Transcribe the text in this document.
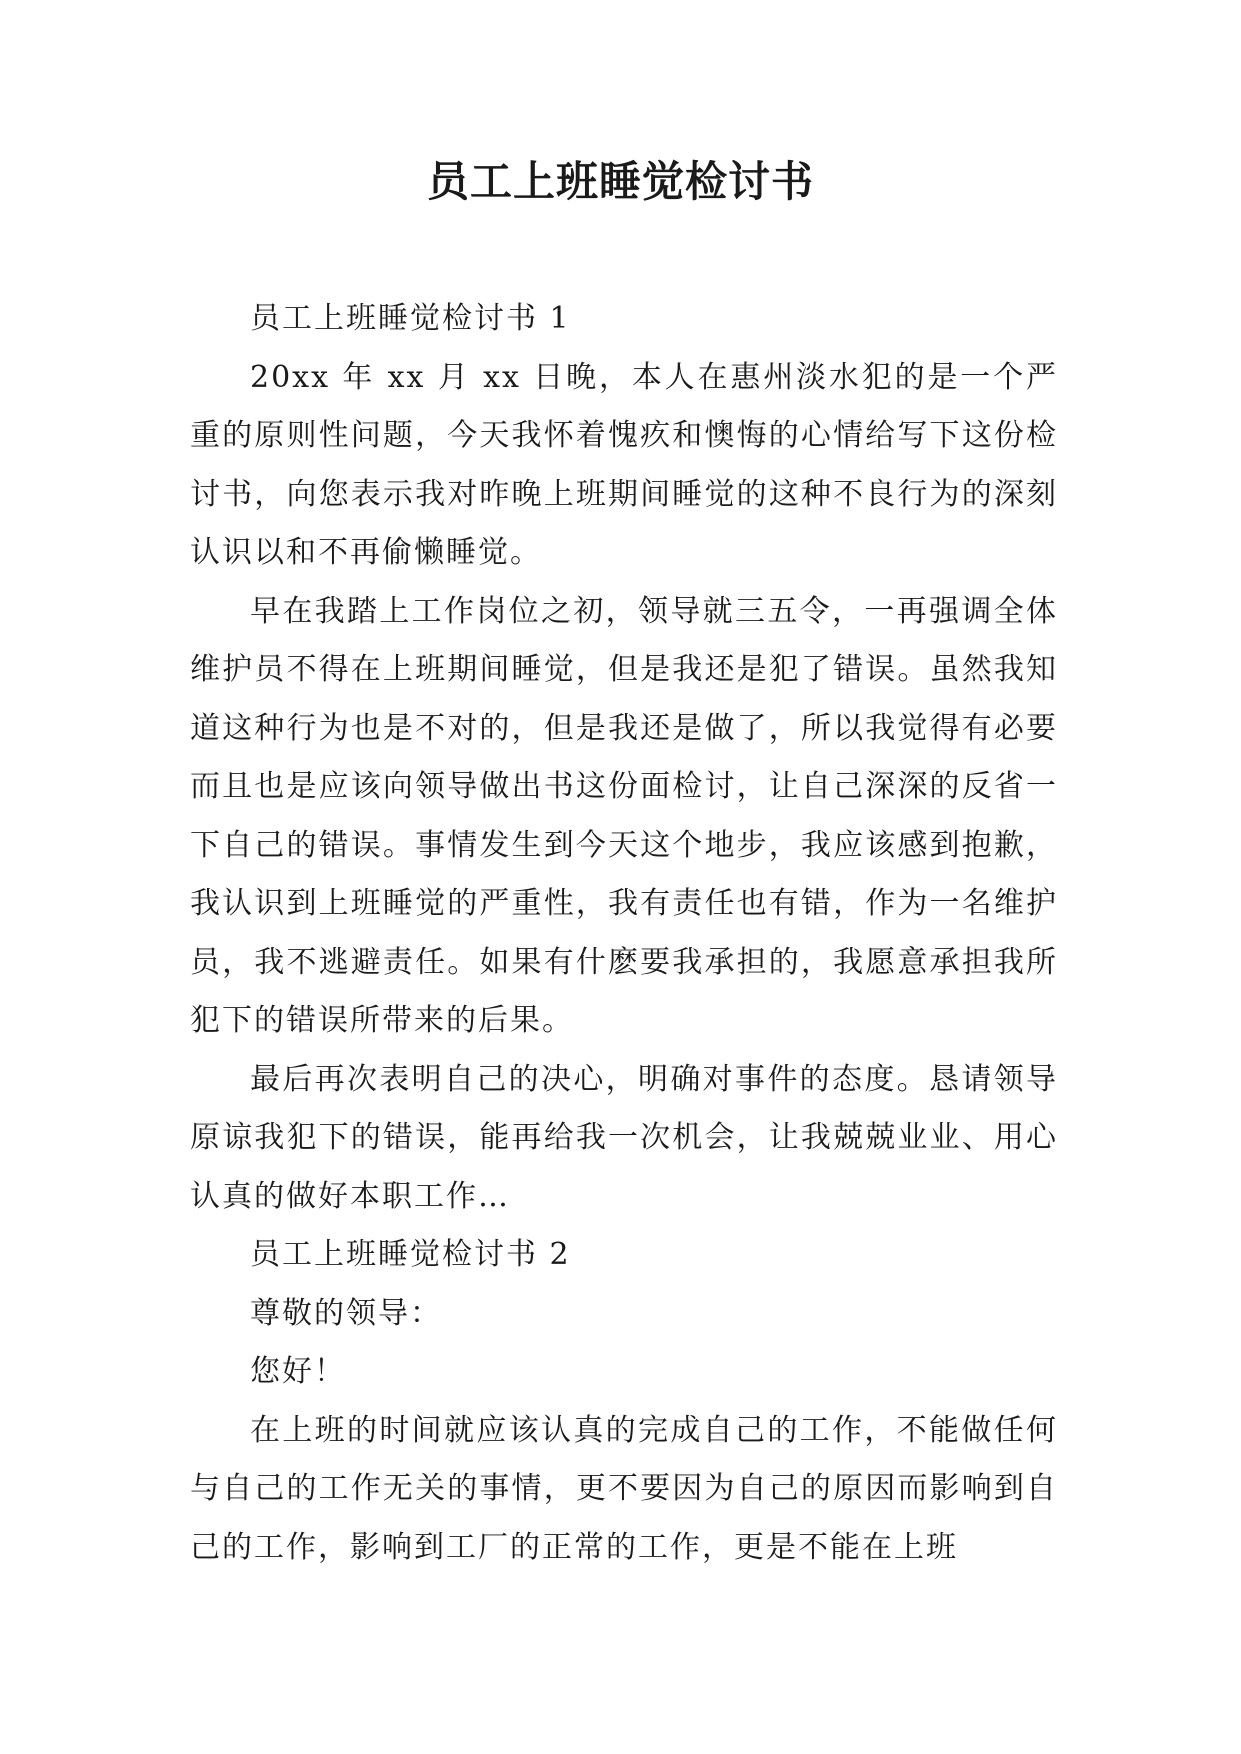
员工上班睡觉检讨书

员工上班睡觉检讨书 1

20xx 年 xx 月 xx 日晚，本人在惠州淡水犯的是一个严重的原则性问题，今天我怀着愧疚和懊悔的心情给写下这份检讨书，向您表示我对昨晚上班期间睡觉的这种不良行为的深刻认识以和不再偷懒睡觉。

早在我踏上工作岗位之初，领导就三五令，一再强调全体维护员不得在上班期间睡觉，但是我还是犯了错误。虽然我知道这种行为也是不对的，但是我还是做了，所以我觉得有必要而且也是应该向领导做出书这份面检讨，让自己深深的反省一下自己的错误。事情发生到今天这个地步，我应该感到抱歉，我认识到上班睡觉的严重性，我有责任也有错，作为一名维护员，我不逃避责任。如果有什麽要我承担的，我愿意承担我所犯下的错误所带来的后果。

最后再次表明自己的决心，明确对事件的态度。恳请领导原谅我犯下的错误，能再给我一次机会，让我兢兢业业、用心认真的做好本职工作…

员工上班睡觉检讨书 2

尊敬的领导：

您好！

在上班的时间就应该认真的完成自己的工作，不能做任何与自己的工作无关的事情，更不要因为自己的原因而影响到自己的工作，影响到工厂的正常的工作，更是不能在上班
